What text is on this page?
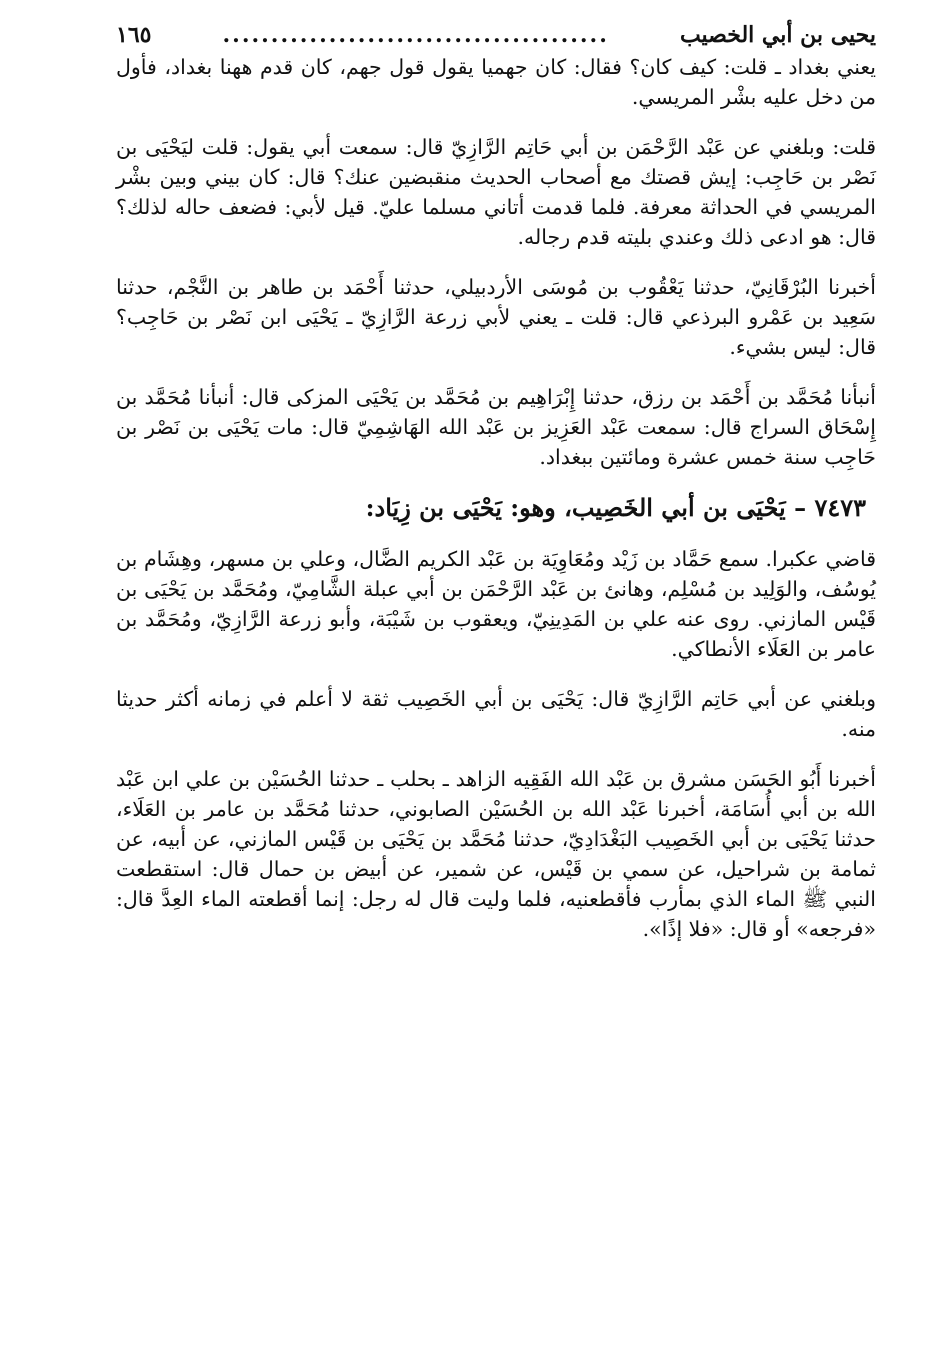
يحيى بن أبي الخصيب
........................................
١٦٥

يعني بغداد ـ قلت: كيف كان؟ فقال: كان جهميا يقول قول جهم، كان قدم ههنا بغداد، فأول من دخل عليه بشْر المريسي.

قلت: وبلغني عن عَبْد الرَّحْمَن بن أبي حَاتِم الرَّازِيّ قال: سمعت أبي يقول: قلت ليَحْيَى بن نَصْر بن حَاجِب: إيش قصتك مع أصحاب الحديث منقبضين عنك؟ قال: كان بيني وبين بشْر المريسي في الحداثة معرفة. فلما قدمت أتاني مسلما عليّ. قيل لأبي: فضعف حاله لذلك؟ قال: هو ادعى ذلك وعندي بليته قدم رجاله.

أخبرنا البُرْقَانِيّ، حدثنا يَعْقُوب بن مُوسَى الأردبيلي، حدثنا أَحْمَد بن طاهر بن النَّجْم، حدثنا سَعِيد بن عَمْرو البرذعي قال: قلت ـ يعني لأبي زرعة الرَّازِيّ ـ يَحْيَى ابن نَصْر بن حَاجِب؟ قال: ليس بشيء.

أنبأنا مُحَمَّد بن أَحْمَد بن رزق، حدثنا إِبْرَاهِيم بن مُحَمَّد بن يَحْيَى المزكى قال: أنبأنا مُحَمَّد بن إِسْحَاق السراج قال: سمعت عَبْد العَزِيز بن عَبْد الله الهَاشِمِيّ قال: مات يَحْيَى بن نَصْر بن حَاجِب سنة خمس عشرة ومائتين ببغداد.

٧٤٧٣ – يَحْيَى بن أبي الخَصِيب، وهو: يَحْيَى بن زِيَاد:

قاضي عكبرا. سمع حَمَّاد بن زَيْد ومُعَاوِيَة بن عَبْد الكريم الضَّال، وعلي بن مسهر، وهِشَام بن يُوسُف، والوَلِيد بن مُسْلِم، وهانئ بن عَبْد الرَّحْمَن بن أبي عبلة الشَّامِيّ، ومُحَمَّد بن يَحْيَى بن قَيْس المازني. روى عنه علي بن المَدِينِيّ، ويعقوب بن شَيْبَة، وأبو زرعة الرَّازِيّ، ومُحَمَّد بن عامر بن العَلَاء الأنطاكي.

وبلغني عن أبي حَاتِم الرَّازِيّ قال: يَحْيَى بن أبي الخَصِيب ثقة لا أعلم في زمانه أكثر حديثا منه.

أخبرنا أَبُو الحَسَن مشرق بن عَبْد الله الفَقِيه الزاهد ـ بحلب ـ حدثنا الحُسَيْن بن علي ابن عَبْد الله بن أبي أُسَامَة، أخبرنا عَبْد الله بن الحُسَيْن الصابوني، حدثنا مُحَمَّد بن عامر بن العَلَاء، حدثنا يَحْيَى بن أبي الخَصِيب البَغْدَادِيّ، حدثنا مُحَمَّد بن يَحْيَى بن قَيْس المازني، عن أبيه، عن ثمامة بن شراحيل، عن سمي بن قَيْس، عن شمير، عن أبيض بن حمال قال: استقطعت النبي ﷺ الماء الذي بمأرب فأقطعنيه، فلما وليت قال له رجل: إنما أقطعته الماء العِدَّ قال: «فرجعه» أو قال: «فلا إذًا».
